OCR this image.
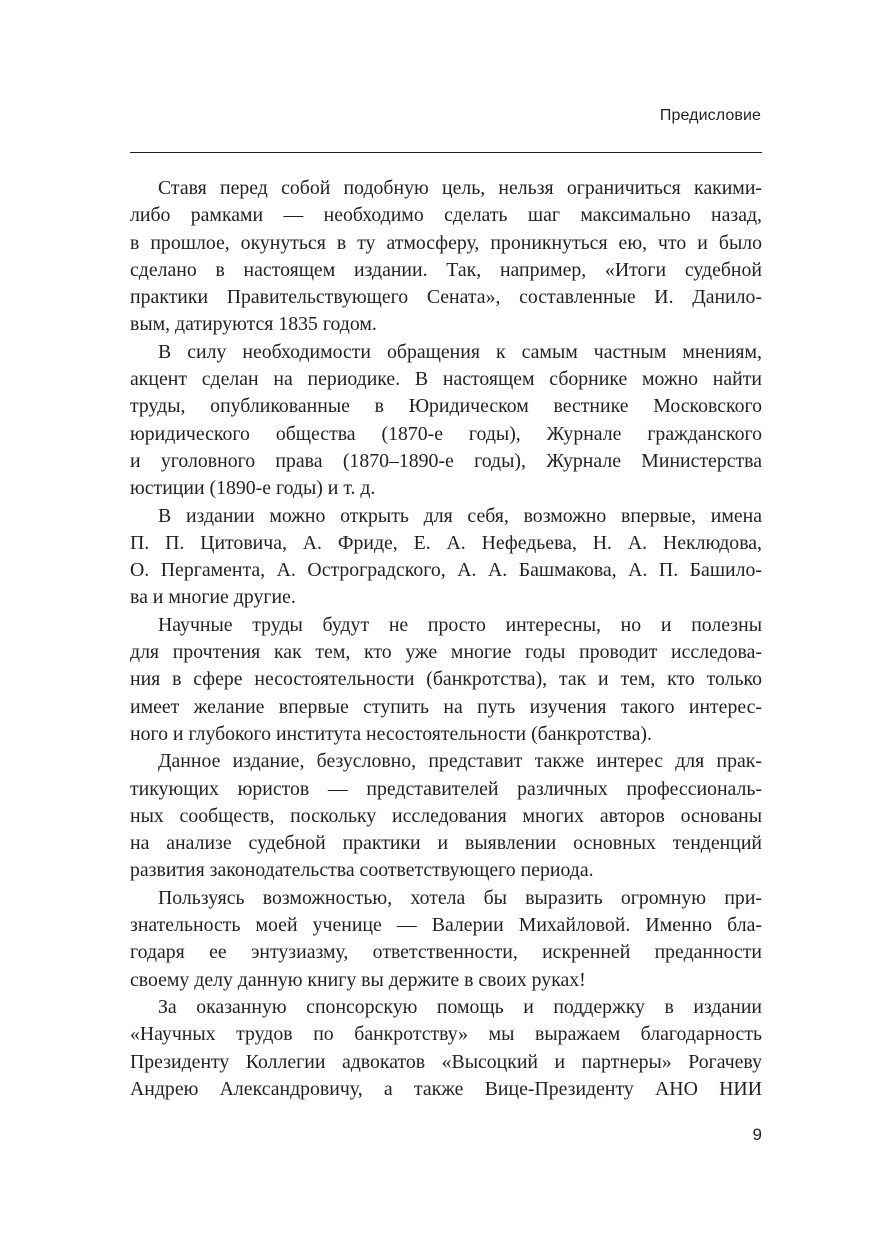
Предисловие
Ставя перед собой подобную цель, нельзя ограничиться какими-
либо рамками — необходимо сделать шаг максимально назад,
в прошлое, окунуться в ту атмосферу, проникнуться ею, что и было
сделано в настоящем издании. Так, например, «Итоги судебной
практики Правительствующего Сената», составленные И. Данило-
вым, датируются 1835 годом.
В силу необходимости обращения к самым частным мнениям,
акцент сделан на периодике. В настоящем сборнике можно найти
труды, опубликованные в Юридическом вестнике Московского
юридического общества (1870-е годы), Журнале гражданского
и уголовного права (1870–1890-е годы), Журнале Министерства
юстиции (1890-е годы) и т. д.
В издании можно открыть для себя, возможно впервые, имена
П. П. Цитовича, А. Фриде, Е. А. Нефедьева, Н. А. Неклюдова,
О. Пергамента, А. Остроградского, А. А. Башмакова, А. П. Башило-
ва и многие другие.
Научные труды будут не просто интересны, но и полезны
для прочтения как тем, кто уже многие годы проводит исследова-
ния в сфере несостоятельности (банкротства), так и тем, кто только
имеет желание впервые ступить на путь изучения такого интерес-
ного и глубокого института несостоятельности (банкротства).
Данное издание, безусловно, представит также интерес для прак-
тикующих юристов — представителей различных профессиональ-
ных сообществ, поскольку исследования многих авторов основаны
на анализе судебной практики и выявлении основных тенденций
развития законодательства соответствующего периода.
Пользуясь возможностью, хотела бы выразить огромную при-
знательность моей ученице — Валерии Михайловой. Именно бла-
годаря ее энтузиазму, ответственности, искренней преданности
своему делу данную книгу вы держите в своих руках!
За оказанную спонсорскую помощь и поддержку в издании
«Научных трудов по банкротству» мы выражаем благодарность
Президенту Коллегии адвокатов «Высоцкий и партнеры» Рогачеву
Андрею Александровичу, а также Вице-Президенту АНО НИИ
9
